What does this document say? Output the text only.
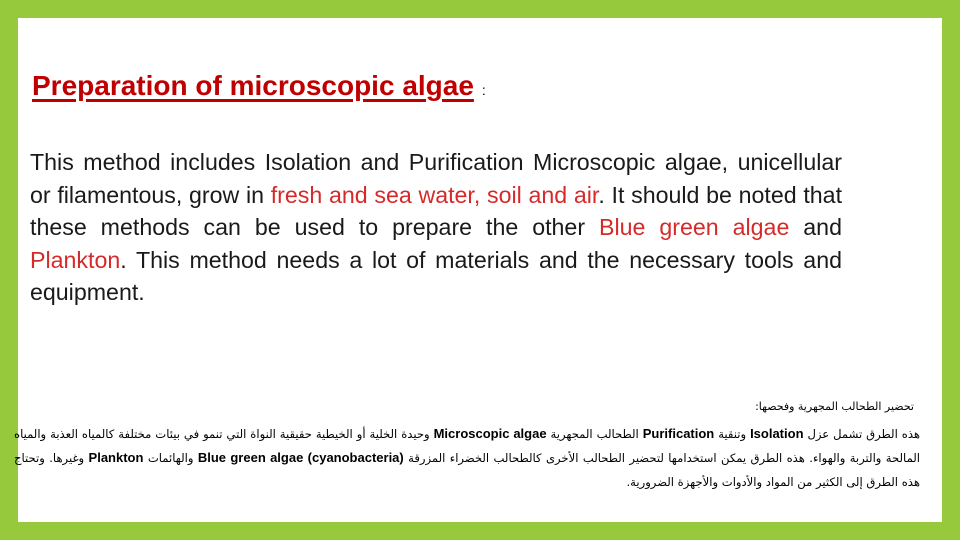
Preparation of microscopic algae :

This method includes Isolation and Purification Microscopic algae, unicellular or filamentous, grow in fresh and sea water, soil and air. It should be noted that these methods can be used to prepare the other Blue green algae and Plankton. This method needs a lot of materials and the necessary tools and equipment.

تحضير الطحالب المجهرية وفحصها:

هذه الطرق تشمل عزل Isolation وتنقية Purification الطحالب المجهرية Microscopic algae وحيدة الخلية أو الخيطية حقيقية النواة التي تنمو في بيئات مختلفة كالمياه العذبة والمياه المالحة والتربة والهواء. هذه الطرق يمكن استخدامها لتحضير الطحالب الأخرى كالطحالب الخضراء المزرقة Blue green algae (cyanobacteria) والهائمات Plankton وغيرها. وتحتاج هذه الطرق إلى الكثير من المواد والأدوات والأجهزة الضرورية.
